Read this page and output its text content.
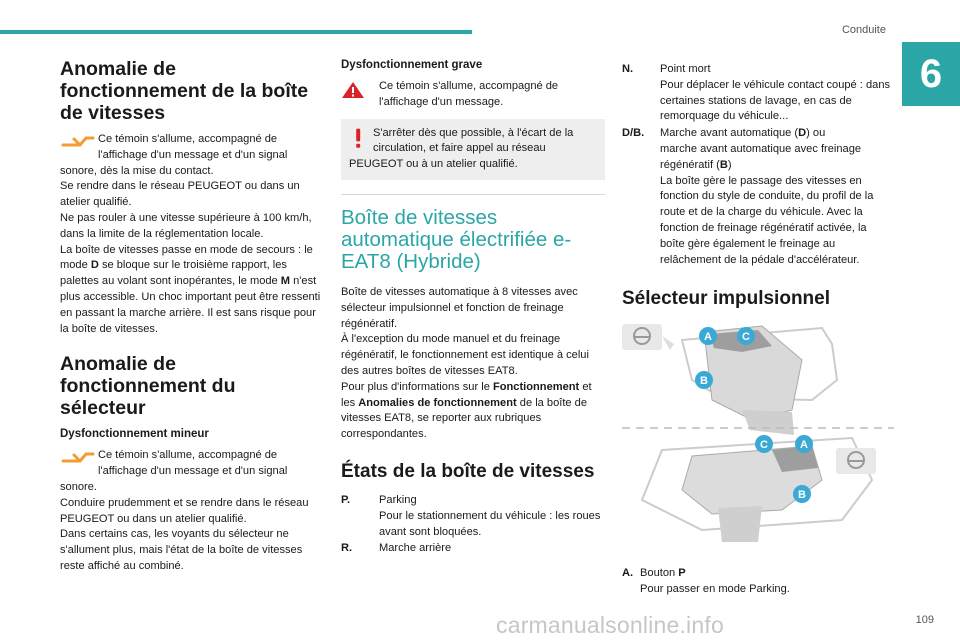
Conduite
6
109
carmanualsonline.info
Anomalie de
fonctionnement de la boîte
de vitesses
Ce témoin s'allume, accompagné de l'affichage d'un message et d'un signal
sonore, dès la mise du contact.
Se rendre dans le réseau PEUGEOT ou dans un atelier qualifié.
Ne pas rouler à une vitesse supérieure à 100 km/h, dans la limite de la réglementation locale.
La boîte de vitesses passe en mode de secours : le mode D se bloque sur le troisième rapport, les palettes au volant sont inopérantes, le mode M n'est plus accessible. Un choc important peut être ressenti en passant la marche arrière. Il est sans risque pour la boîte de vitesses.
Anomalie de
fonctionnement du
sélecteur
Dysfonctionnement mineur
Ce témoin s'allume, accompagné de l'affichage d'un message et d'un signal
sonore.
Conduire prudemment et se rendre dans le réseau PEUGEOT ou dans un atelier qualifié.
Dans certains cas, les voyants du sélecteur ne s'allument plus, mais l'état de la boîte de vitesses reste affiché au combiné.
Dysfonctionnement grave
Ce témoin s'allume, accompagné de l'affichage d'un message.
S'arrêter dès que possible, à l'écart de la circulation, et faire appel au réseau PEUGEOT ou à un atelier qualifié.
Boîte de vitesses automatique électrifiée e-EAT8 (Hybride)
Boîte de vitesses automatique à 8 vitesses avec sélecteur impulsionnel et fonction de freinage régénératif.
À l'exception du mode manuel et du freinage régénératif, le fonctionnement est identique à celui des autres boîtes de vitesses EAT8.
Pour plus d'informations sur le Fonctionnement et les Anomalies de fonctionnement de la boîte de vitesses EAT8, se reporter aux rubriques correspondantes.
États de la boîte de vitesses
P.	Parking
Pour le stationnement du véhicule : les roues avant sont bloquées.
R.	Marche arrière
N.	Point mort
Pour déplacer le véhicule contact coupé : dans certaines stations de lavage, en cas de remorquage du véhicule...
D/B.	Marche avant automatique (D) ou
marche avant automatique avec freinage régénératif (B)
La boîte gère le passage des vitesses en fonction du style de conduite, du profil de la route et de la charge du véhicule. Avec la fonction de freinage régénératif activée, la boîte gère également le freinage au relâchement de la pédale d'accélérateur.
Sélecteur impulsionnel
A	C
B
C	A
B
A. Bouton P
Pour passer en mode Parking.
